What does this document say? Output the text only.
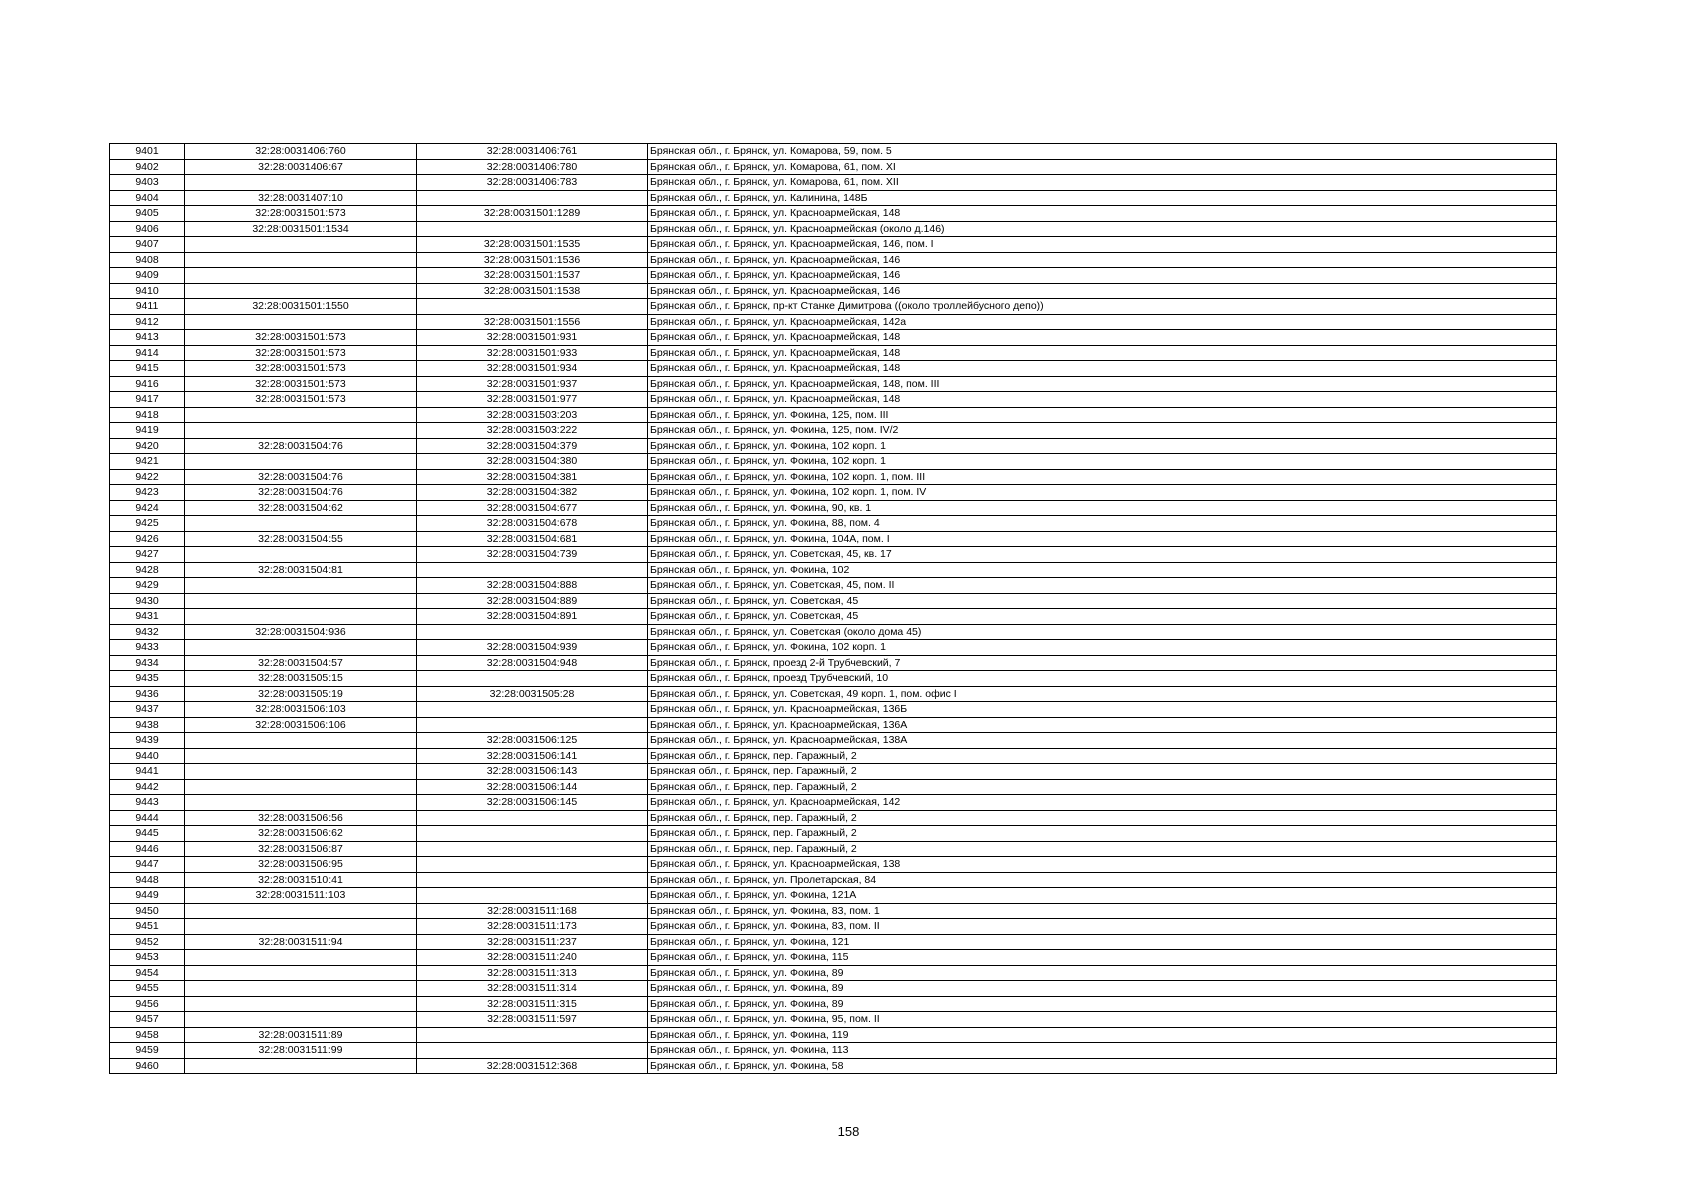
9401	32:28:0031406:760	32:28:0031406:761	Брянская обл., г. Брянск, ул. Комарова, 59, пом. 5
9402	32:28:0031406:67	32:28:0031406:780	Брянская обл., г. Брянск, ул. Комарова, 61, пом. XI
9403		32:28:0031406:783	Брянская обл., г. Брянск, ул. Комарова, 61, пом. XII
9404	32:28:0031407:10		Брянская обл., г. Брянск, ул. Калинина, 148Б
9405	32:28:0031501:573	32:28:0031501:1289	Брянская обл., г. Брянск, ул. Красноармейская, 148
9406	32:28:0031501:1534		Брянская обл., г. Брянск, ул. Красноармейская (около д.146)
9407		32:28:0031501:1535	Брянская обл., г. Брянск, ул. Красноармейская, 146, пом. I
9408		32:28:0031501:1536	Брянская обл., г. Брянск, ул. Красноармейская, 146
9409		32:28:0031501:1537	Брянская обл., г. Брянск, ул. Красноармейская, 146
9410		32:28:0031501:1538	Брянская обл., г. Брянск, ул. Красноармейская, 146
9411	32:28:0031501:1550		Брянская обл., г. Брянск, пр-кт Станке Димитрова ((около троллейбусного депо))
9412		32:28:0031501:1556	Брянская обл., г. Брянск, ул. Красноармейская, 142а
9413	32:28:0031501:573	32:28:0031501:931	Брянская обл., г. Брянск, ул. Красноармейская, 148
9414	32:28:0031501:573	32:28:0031501:933	Брянская обл., г. Брянск, ул. Красноармейская, 148
9415	32:28:0031501:573	32:28:0031501:934	Брянская обл., г. Брянск, ул. Красноармейская, 148
9416	32:28:0031501:573	32:28:0031501:937	Брянская обл., г. Брянск, ул. Красноармейская, 148, пом. III
9417	32:28:0031501:573	32:28:0031501:977	Брянская обл., г. Брянск, ул. Красноармейская, 148
9418		32:28:0031503:203	Брянская обл., г. Брянск, ул. Фокина, 125, пом. III
9419		32:28:0031503:222	Брянская обл., г. Брянск, ул. Фокина, 125, пом. IV/2
9420	32:28:0031504:76	32:28:0031504:379	Брянская обл., г. Брянск, ул. Фокина, 102 корп. 1
9421		32:28:0031504:380	Брянская обл., г. Брянск, ул. Фокина, 102 корп. 1
9422	32:28:0031504:76	32:28:0031504:381	Брянская обл., г. Брянск, ул. Фокина, 102 корп. 1, пом. III
9423	32:28:0031504:76	32:28:0031504:382	Брянская обл., г. Брянск, ул. Фокина, 102 корп. 1, пом. IV
9424	32:28:0031504:62	32:28:0031504:677	Брянская обл., г. Брянск, ул. Фокина, 90, кв. 1
9425		32:28:0031504:678	Брянская обл., г. Брянск, ул. Фокина, 88, пом. 4
9426	32:28:0031504:55	32:28:0031504:681	Брянская обл., г. Брянск, ул. Фокина, 104А, пом. I
9427		32:28:0031504:739	Брянская обл., г. Брянск, ул. Советская, 45, кв. 17
9428	32:28:0031504:81		Брянская обл., г. Брянск, ул. Фокина, 102
9429		32:28:0031504:888	Брянская обл., г. Брянск, ул. Советская, 45, пом. II
9430		32:28:0031504:889	Брянская обл., г. Брянск, ул. Советская, 45
9431		32:28:0031504:891	Брянская обл., г. Брянск, ул. Советская, 45
9432	32:28:0031504:936		Брянская обл., г. Брянск, ул. Советская (около дома 45)
9433		32:28:0031504:939	Брянская обл., г. Брянск, ул. Фокина, 102 корп. 1
9434	32:28:0031504:57	32:28:0031504:948	Брянская обл., г. Брянск, проезд 2-й Трубчевский, 7
9435	32:28:0031505:15		Брянская обл., г. Брянск, проезд Трубчевский, 10
9436	32:28:0031505:19	32:28:0031505:28	Брянская обл., г. Брянск, ул. Советская, 49 корп. 1, пом. офис I
9437	32:28:0031506:103		Брянская обл., г. Брянск, ул. Красноармейская, 136Б
9438	32:28:0031506:106		Брянская обл., г. Брянск, ул. Красноармейская, 136А
9439		32:28:0031506:125	Брянская обл., г. Брянск, ул. Красноармейская, 138А
9440		32:28:0031506:141	Брянская обл., г. Брянск, пер. Гаражный, 2
9441		32:28:0031506:143	Брянская обл., г. Брянск, пер. Гаражный, 2
9442		32:28:0031506:144	Брянская обл., г. Брянск, пер. Гаражный, 2
9443		32:28:0031506:145	Брянская обл., г. Брянск, ул. Красноармейская, 142
9444	32:28:0031506:56		Брянская обл., г. Брянск, пер. Гаражный, 2
9445	32:28:0031506:62		Брянская обл., г. Брянск, пер. Гаражный, 2
9446	32:28:0031506:87		Брянская обл., г. Брянск, пер. Гаражный, 2
9447	32:28:0031506:95		Брянская обл., г. Брянск, ул. Красноармейская, 138
9448	32:28:0031510:41		Брянская обл., г. Брянск, ул. Пролетарская, 84
9449	32:28:0031511:103		Брянская обл., г. Брянск, ул. Фокина, 121А
9450		32:28:0031511:168	Брянская обл., г. Брянск, ул. Фокина, 83, пом. 1
9451		32:28:0031511:173	Брянская обл., г. Брянск, ул. Фокина, 83, пом. II
9452	32:28:0031511:94	32:28:0031511:237	Брянская обл., г. Брянск, ул. Фокина, 121
9453		32:28:0031511:240	Брянская обл., г. Брянск, ул. Фокина, 115
9454		32:28:0031511:313	Брянская обл., г. Брянск, ул. Фокина, 89
9455		32:28:0031511:314	Брянская обл., г. Брянск, ул. Фокина, 89
9456		32:28:0031511:315	Брянская обл., г. Брянск, ул. Фокина, 89
9457		32:28:0031511:597	Брянская обл., г. Брянск, ул. Фокина, 95, пом. II
9458	32:28:0031511:89		Брянская обл., г. Брянск, ул. Фокина, 119
9459	32:28:0031511:99		Брянская обл., г. Брянск, ул. Фокина, 113
9460		32:28:0031512:368	Брянская обл., г. Брянск, ул. Фокина, 58
158
